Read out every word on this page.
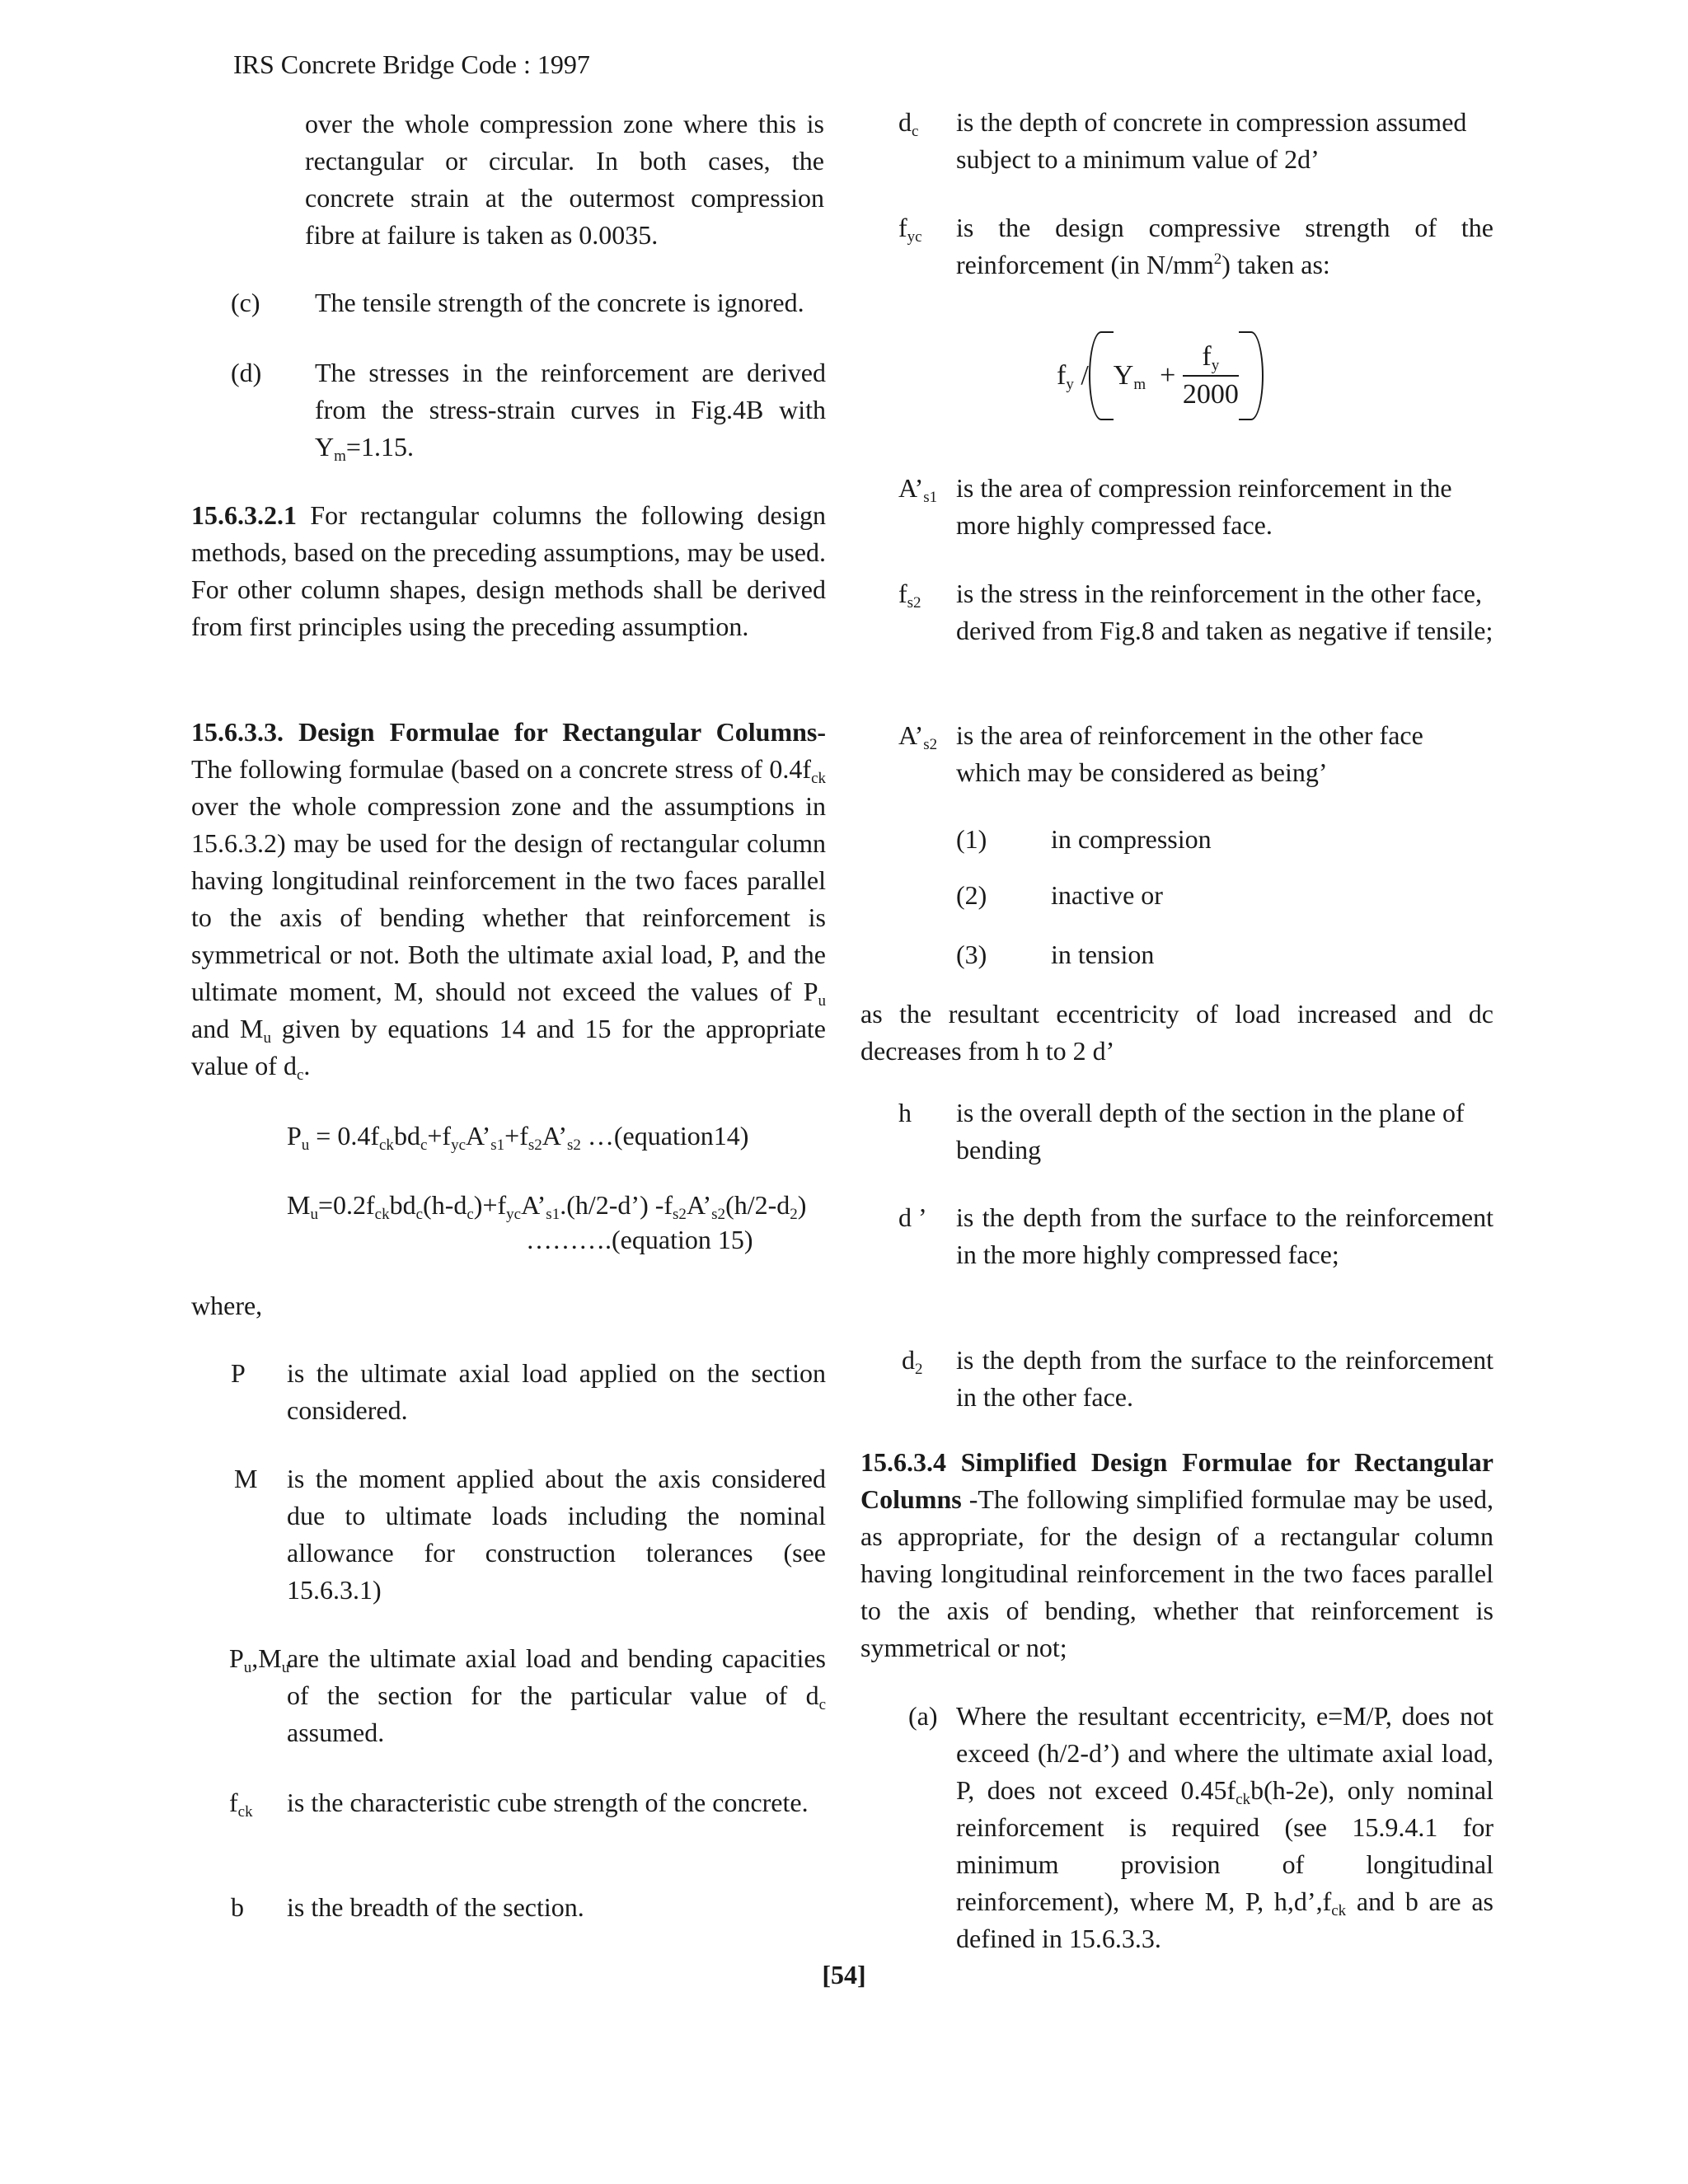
IRS Concrete Bridge Code : 1997

over the whole compression zone where this is rectangular or circular. In both cases, the concrete strain at the outermost compression fibre at failure is taken as 0.0035.

(c) The tensile strength of the concrete is ignored.

(d) The stresses in the reinforcement are derived from the stress-strain curves in Fig.4B with $Y_m=1.15$.

15.6.3.2.1 For rectangular columns the following design methods, based on the preceding assumptions, may be used. For other column shapes, design methods shall be derived from first principles using the preceding assumption.

15.6.3.3. Design Formulae for Rectangular Columns- The following formulae (based on a concrete stress of $0.4f_{ck}$ over the whole compression zone and the assumptions in 15.6.3.2) may be used for the design of rectangular column having longitudinal reinforcement in the two faces parallel to the axis of bending whether that reinforcement is symmetrical or not. Both the ultimate axial load, P, and the ultimate moment, M, should not exceed the values of $P_u$ and $M_u$ given by equations 14 and 15 for the appropriate value of $d_c$.

$P_u$ = $0.4f_{ck}bd_c+f_{yc}A’_{s1}+f_{s2}A’_{s2}$ …(equation14)
$M_u=0.2f_{ck}bd_c(h-d_c)+f_{yc}A’_{s1}.(h/2-d’)$ $-f_{s2}A’_{s2}(h/2-d_2)$
……….(equation 15)
where,
P is the ultimate axial load applied on the section considered.

M is the moment applied about the axis considered due to ultimate loads including the nominal allowance for construction tolerances (see 15.6.3.1)

$P_u,M_u$

are the ultimate axial load and bending capacities of the section for the particular value of $d_c$ assumed.

$f_{ck}$ is the characteristic cube strength of the concrete.

b is the breadth of the section.

$d_c$ is the depth of concrete in compression assumed subject to a minimum value of 2d’

$f_{yc}$ is the design compressive strength of the reinforcement (in $N/mm^2$) taken as:

$f_y / Y_m + \frac{f_y}{2000}$
$A’_{s1}$ is the area of compression reinforcement in the more highly compressed face.

$f_{s2}$ is the stress in the reinforcement in the other face, derived from Fig.8 and taken as negative if tensile;

$A’_{s2}$ is the area of reinforcement in the other face which may be considered as being’

(1) in compression
(2) inactive or
(3) in tension

as the resultant eccentricity of load increased and dc decreases from h to 2 d’

h is the overall depth of the section in the plane of bending

d ’ is the depth from the surface to the reinforcement in the more highly compressed face;

$d_2$ is the depth from the surface to the reinforcement in the other face.

15.6.3.4 Simplified Design Formulae for Rectangular Columns -The following simplified formulae may be used, as appropriate, for the design of a rectangular column having longitudinal reinforcement in the two faces parallel to the axis of bending, whether that reinforcement is symmetrical or not;

(a) Where the resultant eccentricity, e=M/P, does not exceed (h/2-d’) and where the ultimate axial load, P, does not exceed $0.45f_{ck}b(h-2e)$, only nominal reinforcement is required (see 15.9.4.1 for minimum provision of longitudinal reinforcement), where M, P, $h,d’,f_{ck}$ and b are as defined in 15.6.3.3.

[54]
